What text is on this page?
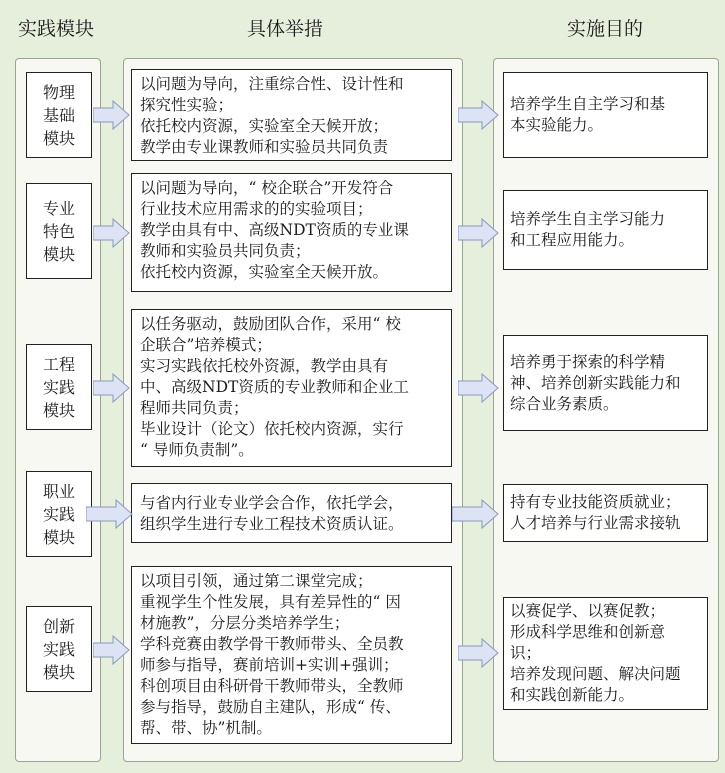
实践模块	具体举措	实施目的
物理
基础
模块
以问题为导向，注重综合性、设计性和
探究性实验；
依托校内资源，实验室全天候开放；
教学由专业课教师和实验员共同负责
培养学生自主学习和基
本实验能力。
专业
特色
模块
以问题为导向，“ 校企联合”开发符合
行业技术应用需求的的实验项目；
教学由具有中、高级NDT资质的专业课
教师和实验员共同负责；
依托校内资源，实验室全天候开放。
培养学生自主学习能力
和工程应用能力。
工程
实践
模块
以任务驱动，鼓励团队合作，采用“ 校
企联合”培养模式；
实习实践依托校外资源，教学由具有
中、高级NDT资质的专业教师和企业工
程师共同负责；
毕业设计（论文）依托校内资源，实行
“ 导师负责制”。
培养勇于探索的科学精
神、培养创新实践能力和
综合业务素质。
职业
实践
模块
与省内行业专业学会合作，依托学会，
组织学生进行专业工程技术资质认证。
持有专业技能资质就业；
人才培养与行业需求接轨
创新
实践
模块
以项目引领，通过第二课堂完成；
重视学生个性发展，具有差异性的“ 因
材施教”，分层分类培养学生；
学科竞赛由教学骨干教师带头、全员教
师参与指导，赛前培训+实训+强训；
科创项目由科研骨干教师带头，全教师
参与指导，鼓励自主建队，形成“ 传、
帮、带、协”机制。
以赛促学、以赛促教；
形成科学思维和创新意
识；
培养发现问题、解决问题
和实践创新能力。
